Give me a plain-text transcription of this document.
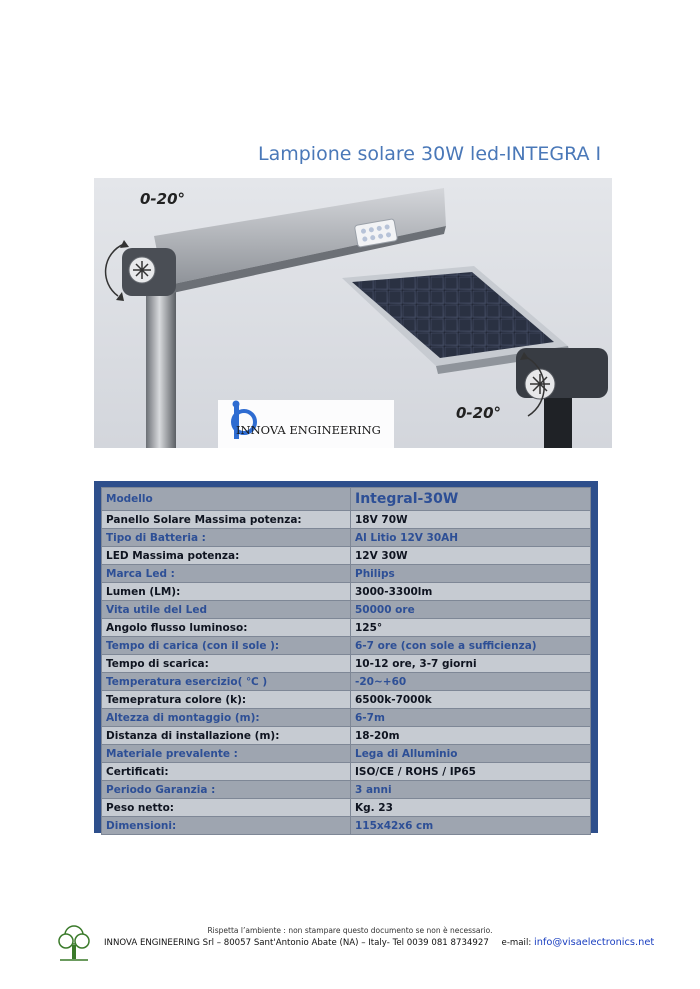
Lampione solare 30W led-INTEGRA I
0-20°
0-20°
INNOVA ENGINEERING
Modello	Integral-30W
Panello Solare Massima potenza:	18V 70W
Tipo di Batteria :	Al Litio 12V 30AH
LED Massima potenza:	12V 30W
Marca Led :	Philips
Lumen (LM):	3000-3300lm
Vita utile del Led	50000 ore
Angolo flusso luminoso:	125°
Tempo di carica (con il sole ):	6-7 ore (con sole a sufficienza)
Tempo di scarica:	10-12 ore, 3-7 giorni
Temperatura esercizio( ℃ )	-20~+60
Temepratura colore (k):	6500k-7000k
Altezza di montaggio (m):	6-7m
Distanza di installazione (m):	18-20m
Materiale prevalente :	Lega di Alluminio
Certificati:	ISO/CE / ROHS / IP65
Periodo Garanzia :	3 anni
Peso netto:	Kg. 23
Dimensioni:	115x42x6 cm
Rispetta l’ambiente : non stampare questo documento se non è necessario.
INNOVA ENGINEERING Srl – 80057 Sant'Antonio Abate (NA) – Italy- Tel 0039 081 8734927 e-mail: info@visaelectronics.net
